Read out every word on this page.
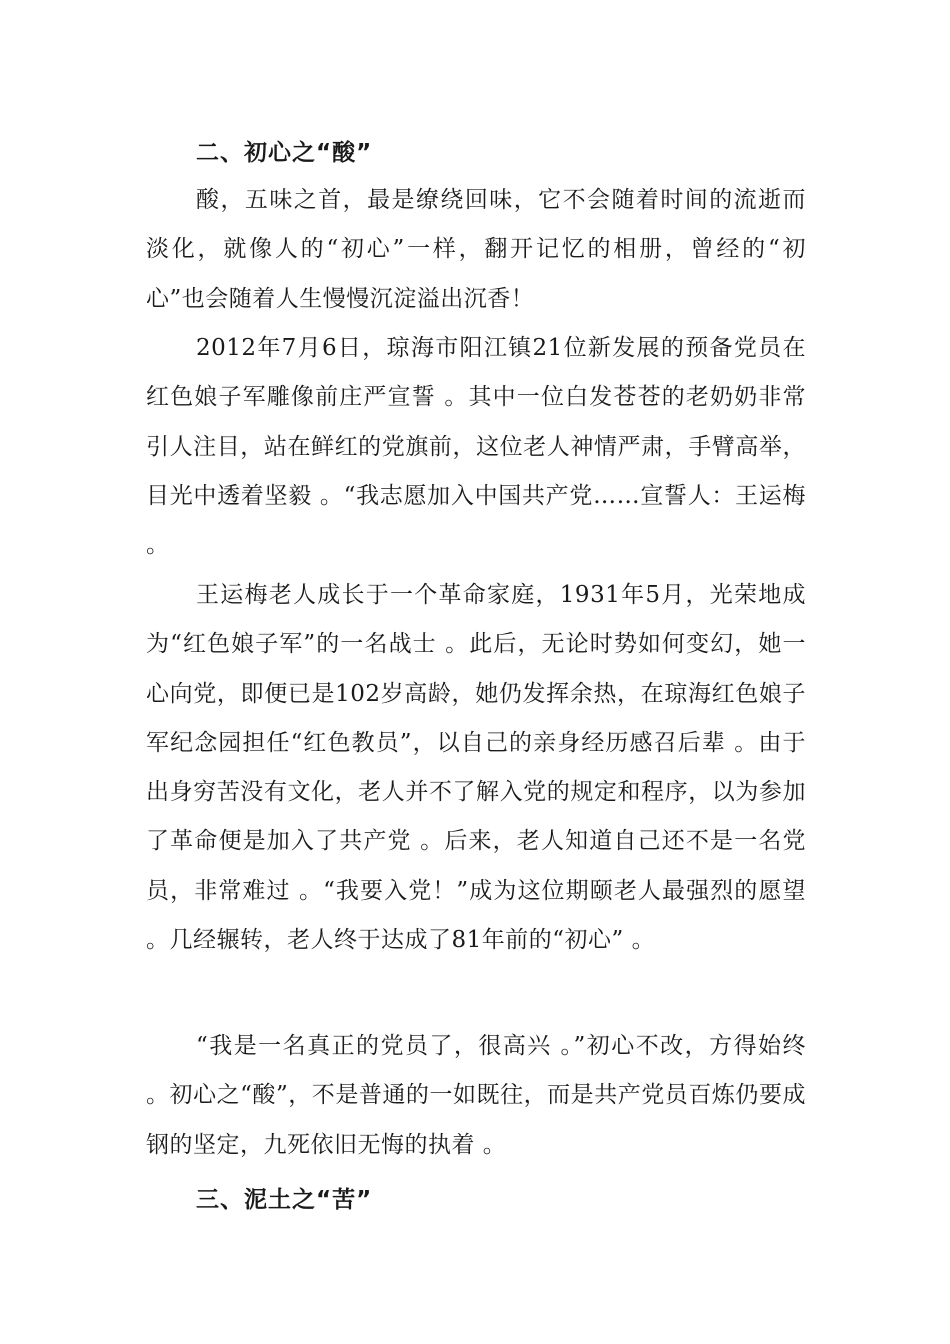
二、初心之“酸”

酸，五味之首，最是缭绕回味，它不会随着时间的流逝而淡化，就像人的“初心”一样，翻开记忆的相册，曾经的“初心”也会随着人生慢慢沉淀溢出沉香！

2012年7月6日，琼海市阳江镇21位新发展的预备党员在红色娘子军雕像前庄严宣誓 。其中一位白发苍苍的老奶奶非常引人注目，站在鲜红的党旗前，这位老人神情严肃，手臂高举，目光中透着坚毅 。“我志愿加入中国共产党……宣誓人：王运梅 。

王运梅老人成长于一个革命家庭，1931年5月，光荣地成为“红色娘子军”的一名战士 。此后，无论时势如何变幻，她一心向党，即便已是102岁高龄，她仍发挥余热，在琼海红色娘子军纪念园担任“红色教员”，以自己的亲身经历感召后辈 。由于出身穷苦没有文化，老人并不了解入党的规定和程序，以为参加了革命便是加入了共产党 。后来，老人知道自己还不是一名党员，非常难过 。“我要入党！”成为这位期颐老人最强烈的愿望 。几经辗转，老人终于达成了81年前的“初心” 。

“我是一名真正的党员了，很高兴 。”初心不改，方得始终 。初心之“酸”，不是普通的一如既往，而是共产党员百炼仍要成钢的坚定，九死依旧无悔的执着 。

三、泥土之“苦”
